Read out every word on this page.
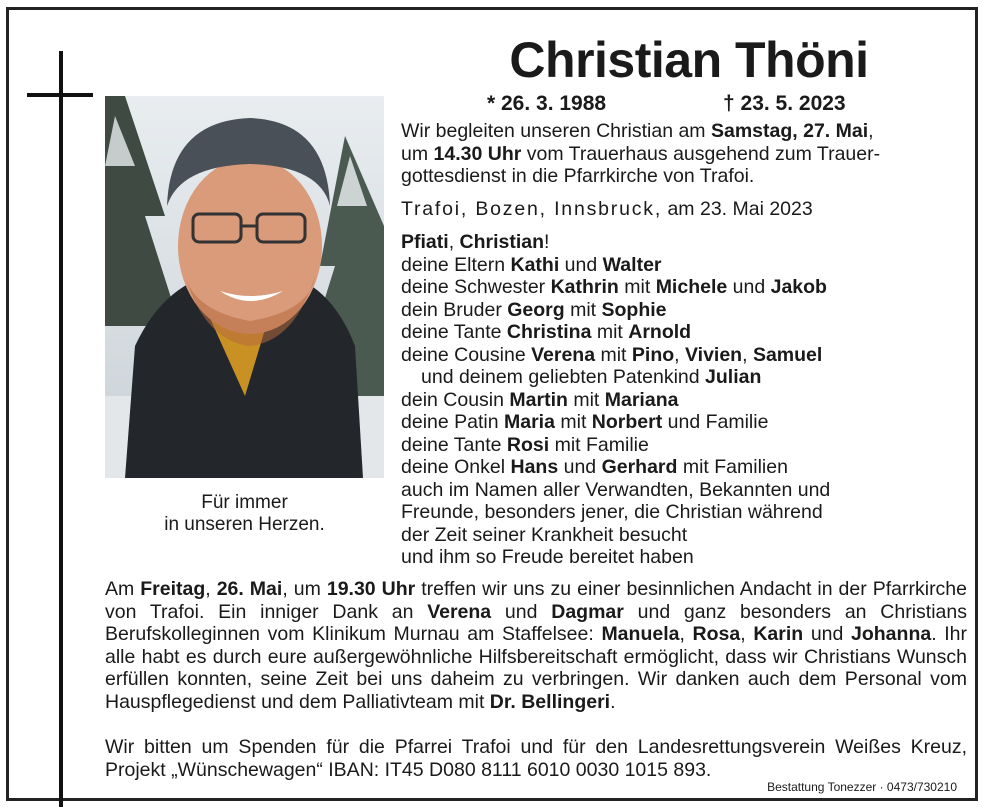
Für immer
in unseren Herzen.
Christian Thöni
* 26. 3. 1988	† 23. 5. 2023
Wir begleiten unseren Christian am Samstag, 27. Mai,
um 14.30 Uhr vom Trauerhaus ausgehend zum Trauer-
gottesdienst in die Pfarrkirche von Trafoi.
Trafoi, Bozen, Innsbruck, am 23. Mai 2023
Pfiati, Christian!
deine Eltern Kathi und Walter
deine Schwester Kathrin mit Michele und Jakob
dein Bruder Georg mit Sophie
deine Tante Christina mit Arnold
deine Cousine Verena mit Pino, Vivien, Samuel
und deinem geliebten Patenkind Julian
dein Cousin Martin mit Mariana
deine Patin Maria mit Norbert und Familie
deine Tante Rosi mit Familie
deine Onkel Hans und Gerhard mit Familien
auch im Namen aller Verwandten, Bekannten und
Freunde, besonders jener, die Christian während
der Zeit seiner Krankheit besucht
und ihm so Freude bereitet haben
Am Freitag, 26. Mai, um 19.30 Uhr treffen wir uns zu einer besinnlichen Andacht in der Pfarrkirche von Trafoi. Ein inniger Dank an Verena und Dagmar und ganz besonders an Christians Berufskolleginnen vom Klinikum Murnau am Staffelsee: Manuela, Rosa, Karin und Johanna. Ihr alle habt es durch eure außergewöhnliche Hilfsbereitschaft ermöglicht, dass wir Christians Wunsch erfüllen konnten, seine Zeit bei uns daheim zu verbringen. Wir danken auch dem Personal vom Hauspflegedienst und dem Palliativteam mit Dr. Bellingeri.
Wir bitten um Spenden für die Pfarrei Trafoi und für den Landesrettungsverein Weißes Kreuz, Projekt „Wünschewagen“ IBAN: IT45 D080 8111 6010 0030 1015 893.
Bestattung Tonezzer · 0473/730210
